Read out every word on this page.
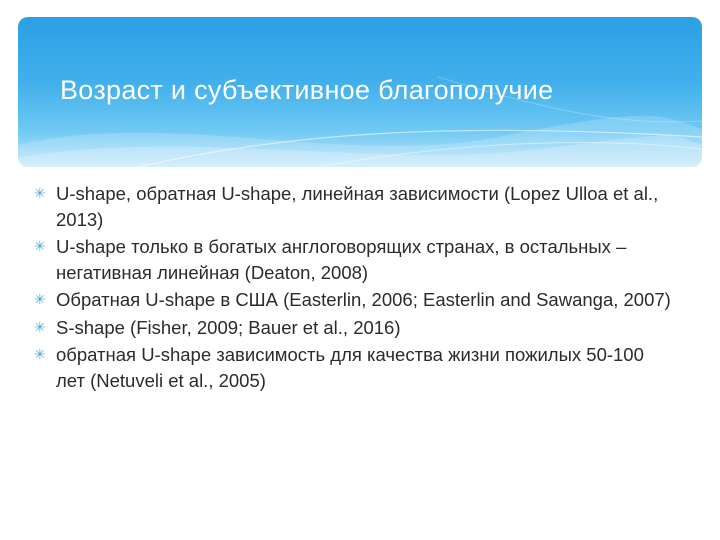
Возраст и субъективное благополучие
✳ U-shape, обратная U-shape, линейная зависимости (Lopez Ulloa et al., 2013)
✳ U-shape только в богатых англоговорящих странах, в остальных – негативная линейная (Deaton, 2008)
✳ Обратная U-shape в США (Easterlin, 2006; Easterlin and Sawanga, 2007)
✳ S-shape (Fisher, 2009; Bauer et al., 2016)
✳ обратная U-shape зависимость для качества жизни пожилых 50-100 лет (Netuveli et al., 2005)
